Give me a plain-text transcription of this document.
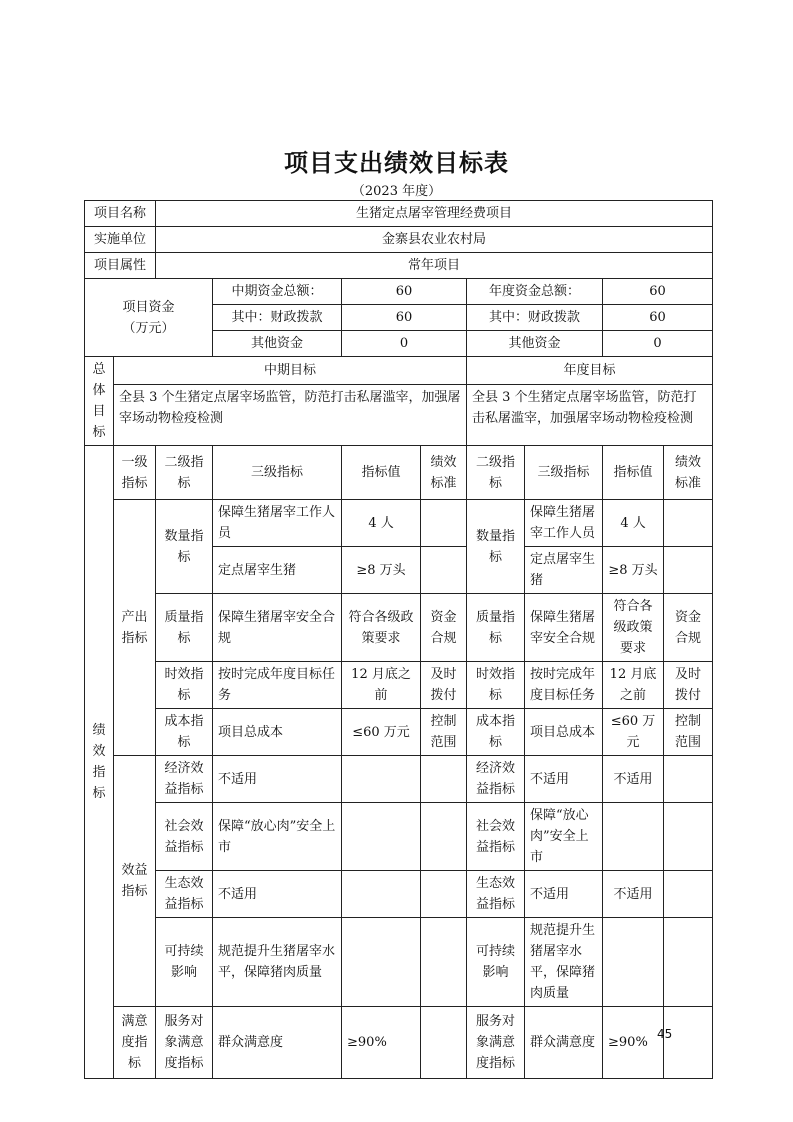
项目支出绩效目标表
（2023 年度）
项目名称		生猪定点屠宰管理经费项目							
实施单位		金寨县农业农村局							
项目属性		常年项目							
项目资金（万元）			中期资金总额：	60		年度资金总额：		60	
			其中：财政拨款	60		其中：财政拨款		60	
			其他资金	0		其他资金		0	
总体目标	中期目标					年度目标			
	全县 3 个生猪定点屠宰场监管，防范打击私屠滥宰，加强屠宰场动物检疫检测					全县 3 个生猪定点屠宰场监管，防范打击私屠滥宰，加强屠宰场动物检疫检测			
绩效指标	一级指标	二级指标	三级指标	指标值	绩效标准	二级指标	三级指标	指标值	绩效标准
	产出指标	数量指标	保障生猪屠宰工作人员	4 人		数量指标	保障生猪屠宰工作人员	4 人	
			定点屠宰生猪	≥8 万头			定点屠宰生猪	≥8 万头	
		质量指标	保障生猪屠宰安全合规	符合各级政策要求	资金合规	质量指标	保障生猪屠宰安全合规	符合各级政策要求	资金合规
		时效指标	按时完成年度目标任务	12 月底之前	及时拨付	时效指标	按时完成年度目标任务	12 月底之前	及时拨付
		成本指标	项目总成本	≤60 万元	控制范围	成本指标	项目总成本	≤60 万元	控制范围
	效益指标	经济效益指标	不适用			经济效益指标	不适用	不适用	
		社会效益指标	保障“放心肉”安全上市			社会效益指标	保障“放心肉”安全上市		
		生态效益指标	不适用			生态效益指标	不适用	不适用	
		可持续影响	规范提升生猪屠宰水平，保障猪肉质量			可持续影响	规范提升生猪屠宰水平，保障猪肉质量		
	满意度指标	服务对象满意度指标	群众满意度	≥90%		服务对象满意度指标	群众满意度	≥90%	
45
